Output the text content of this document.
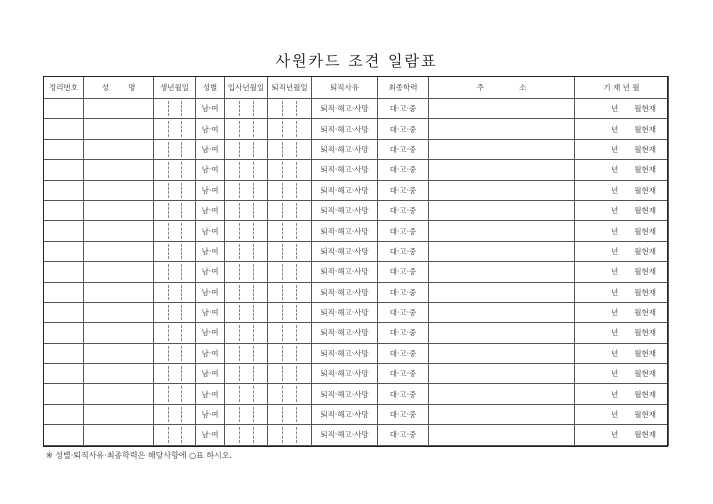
사원카드 조견 일람표
정리번호	성 명	생년월일	성별	입사년월일	퇴직년월일	퇴직사유	최종학력	주 소	기 재 년 월
			남·여			퇴직·해고·사망	대·고·중		년 월현재

			남·여			퇴직·해고·사망	대·고·중		년 월현재

			남·여			퇴직·해고·사망	대·고·중		년 월현재

			남·여			퇴직·해고·사망	대·고·중		년 월현재

			남·여			퇴직·해고·사망	대·고·중		년 월현재

			남·여			퇴직·해고·사망	대·고·중		년 월현재

			남·여			퇴직·해고·사망	대·고·중		년 월현재

			남·여			퇴직·해고·사망	대·고·중		년 월현재

			남·여			퇴직·해고·사망	대·고·중		년 월현재

			남·여			퇴직·해고·사망	대·고·중		년 월현재

			남·여			퇴직·해고·사망	대·고·중		년 월현재

			남·여			퇴직·해고·사망	대·고·중		년 월현재

			남·여			퇴직·해고·사망	대·고·중		년 월현재

			남·여			퇴직·해고·사망	대·고·중		년 월현재

			남·여			퇴직·해고·사망	대·고·중		년 월현재

			남·여			퇴직·해고·사망	대·고·중		년 월현재

			남·여			퇴직·해고·사망	대·고·중		년 월현재
※ 성별·퇴직사유·최종학력은 해당사항에 ○표 하시오.
